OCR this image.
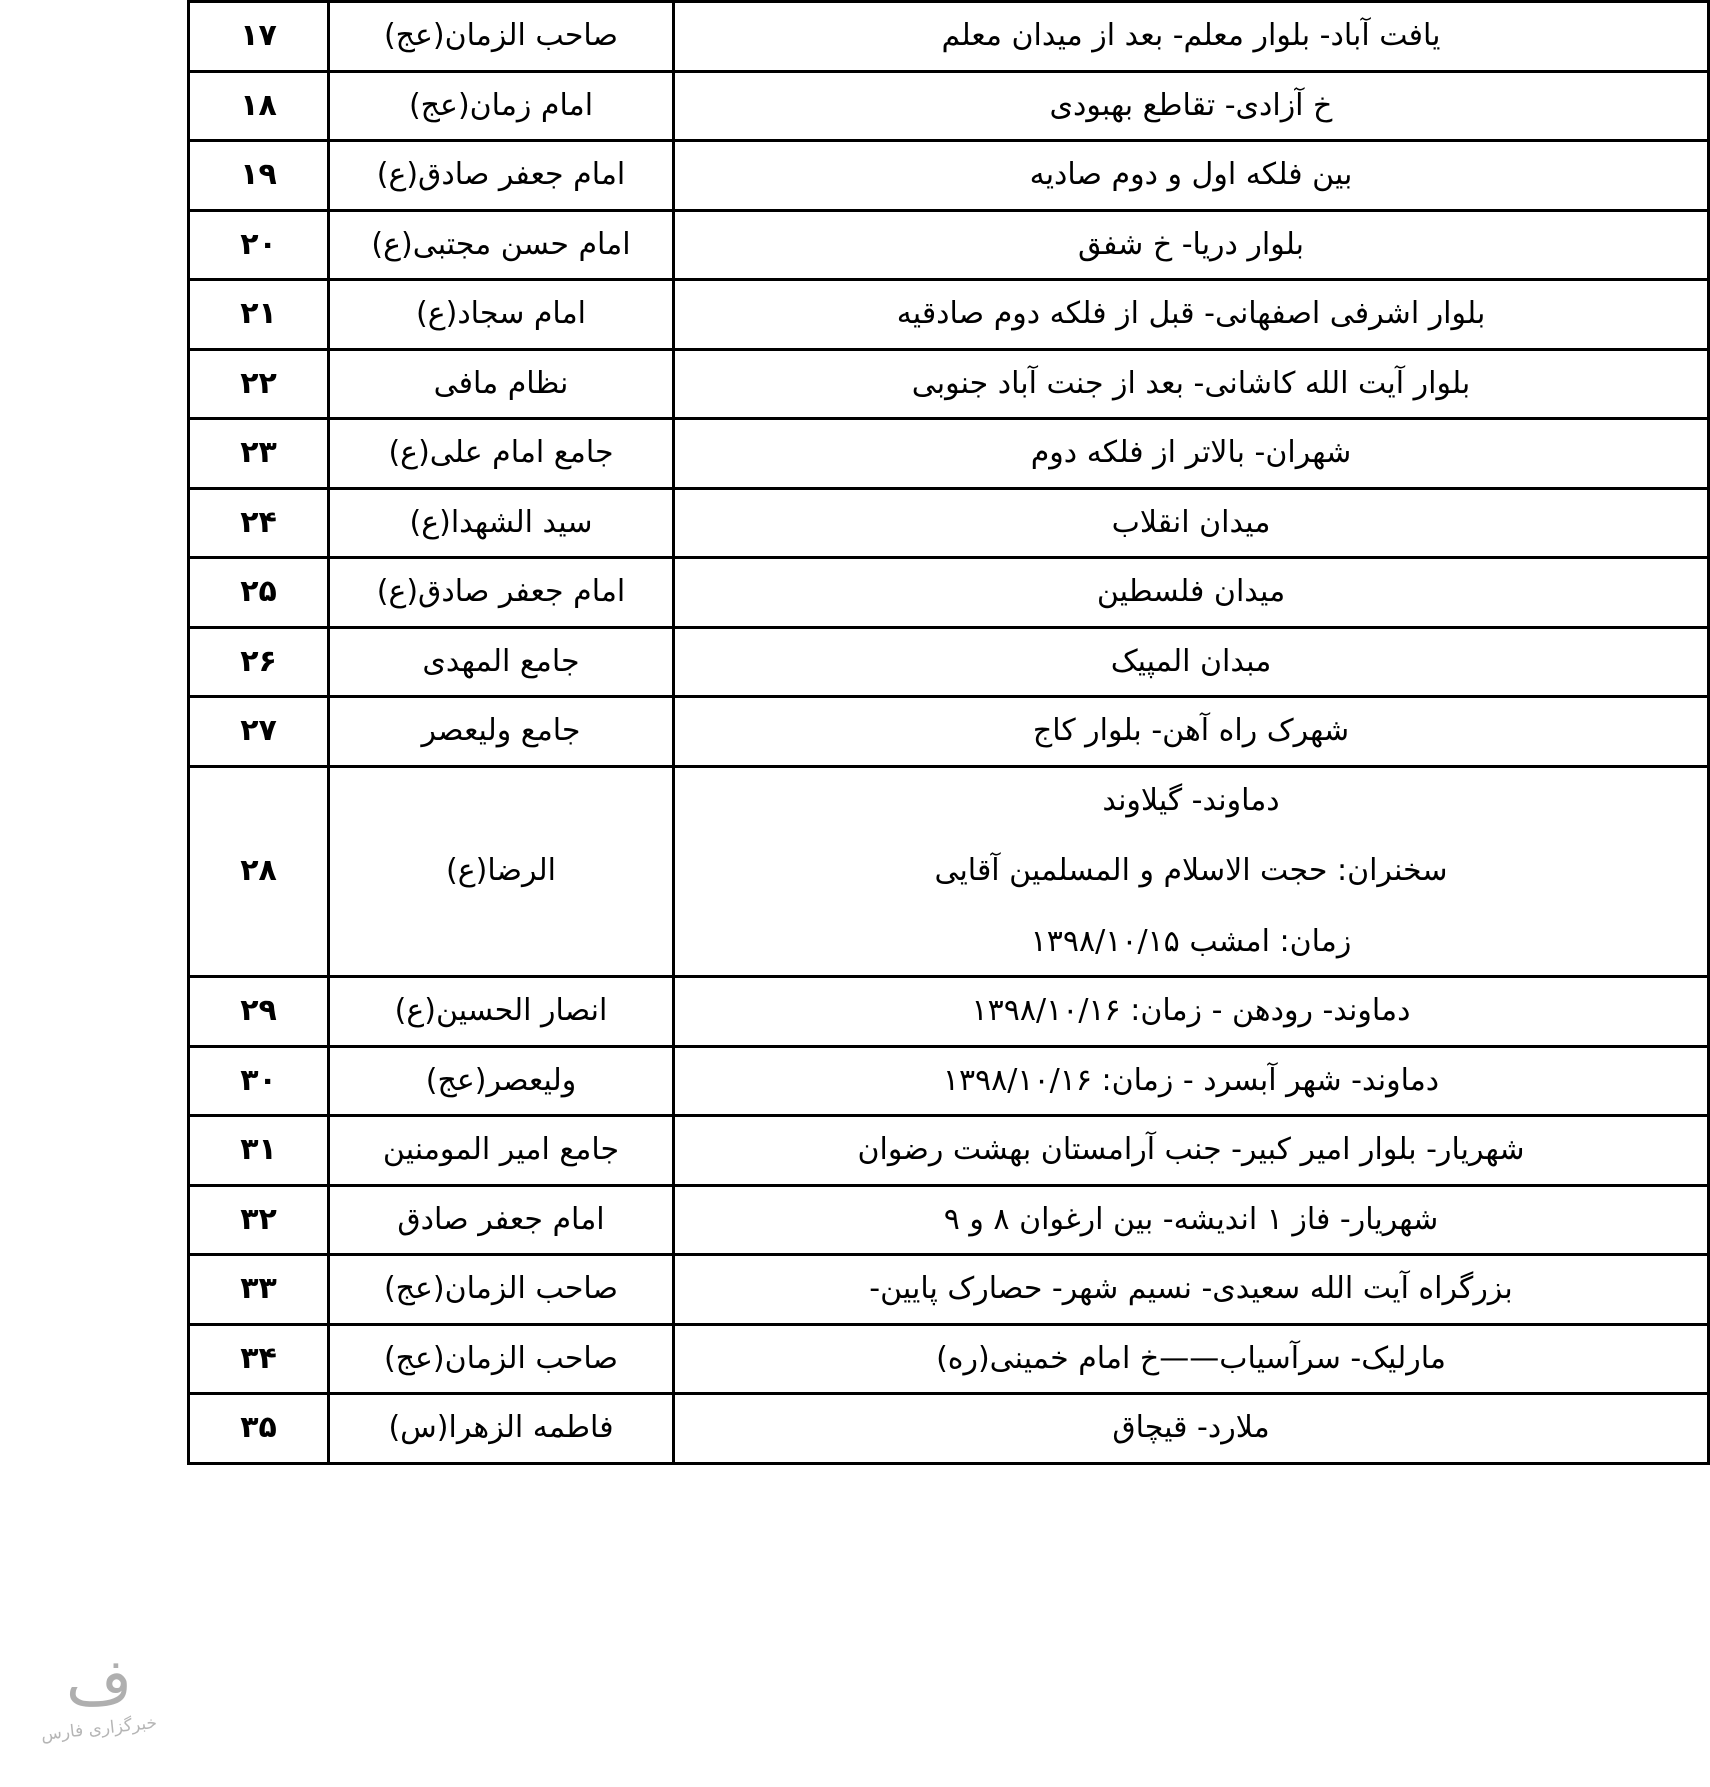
یافت آباد- بلوار معلم- بعد از میدان معلم	صاحب الزمان(عج)	۱۷

خ آزادی- تقاطع بهبودی	امام زمان(عج)	۱۸

بین فلکه اول و دوم صادیه	امام جعفر صادق(ع)	۱۹

بلوار دریا- خ شفق	امام حسن مجتبی(ع)	۲۰

بلوار اشرفی اصفهانی- قبل از فلکه دوم صادقیه	امام سجاد(ع)	۲۱

بلوار آیت الله کاشانی- بعد از جنت آباد جنوبی	نظام مافی	۲۲

شهران- بالاتر از فلکه دوم	جامع امام علی(ع)	۲۳

میدان انقلاب	سید الشهدا(ع)	۲۴

میدان فلسطین	امام جعفر صادق(ع)	۲۵

مبدان المپیک	جامع المهدی	۲۶

شهرک راه آهن- بلوار کاج	جامع ولیعصر	۲۷

دماوند- گیلاوند
سخنران: حجت الاسلام و المسلمین آقایی
زمان: امشب ۱۳۹۸/۱۰/۱۵	الرضا(ع)	۲۸

دماوند- رودهن - زمان: ۱۳۹۸/۱۰/۱۶	انصار الحسین(ع)	۲۹

دماوند- شهر آبسرد - زمان: ۱۳۹۸/۱۰/۱۶	ولیعصر(عج)	۳۰

شهریار- بلوار امیر کبیر- جنب آرامستان بهشت رضوان	جامع امیر المومنین	۳۱

شهریار- فاز ۱ اندیشه- بین ارغوان ۸ و ۹	امام جعفر صادق	۳۲

بزرگراه آیت الله سعیدی- نسیم شهر- حصارک پایین-	صاحب الزمان(عج)	۳۳

مارلیک- سرآسیاب——خ امام خمینی(ره)	صاحب الزمان(عج)	۳۴

ملارد- قیچاق	فاطمه الزهرا(س)	۳۵
ف
خبرگزاری فارس
